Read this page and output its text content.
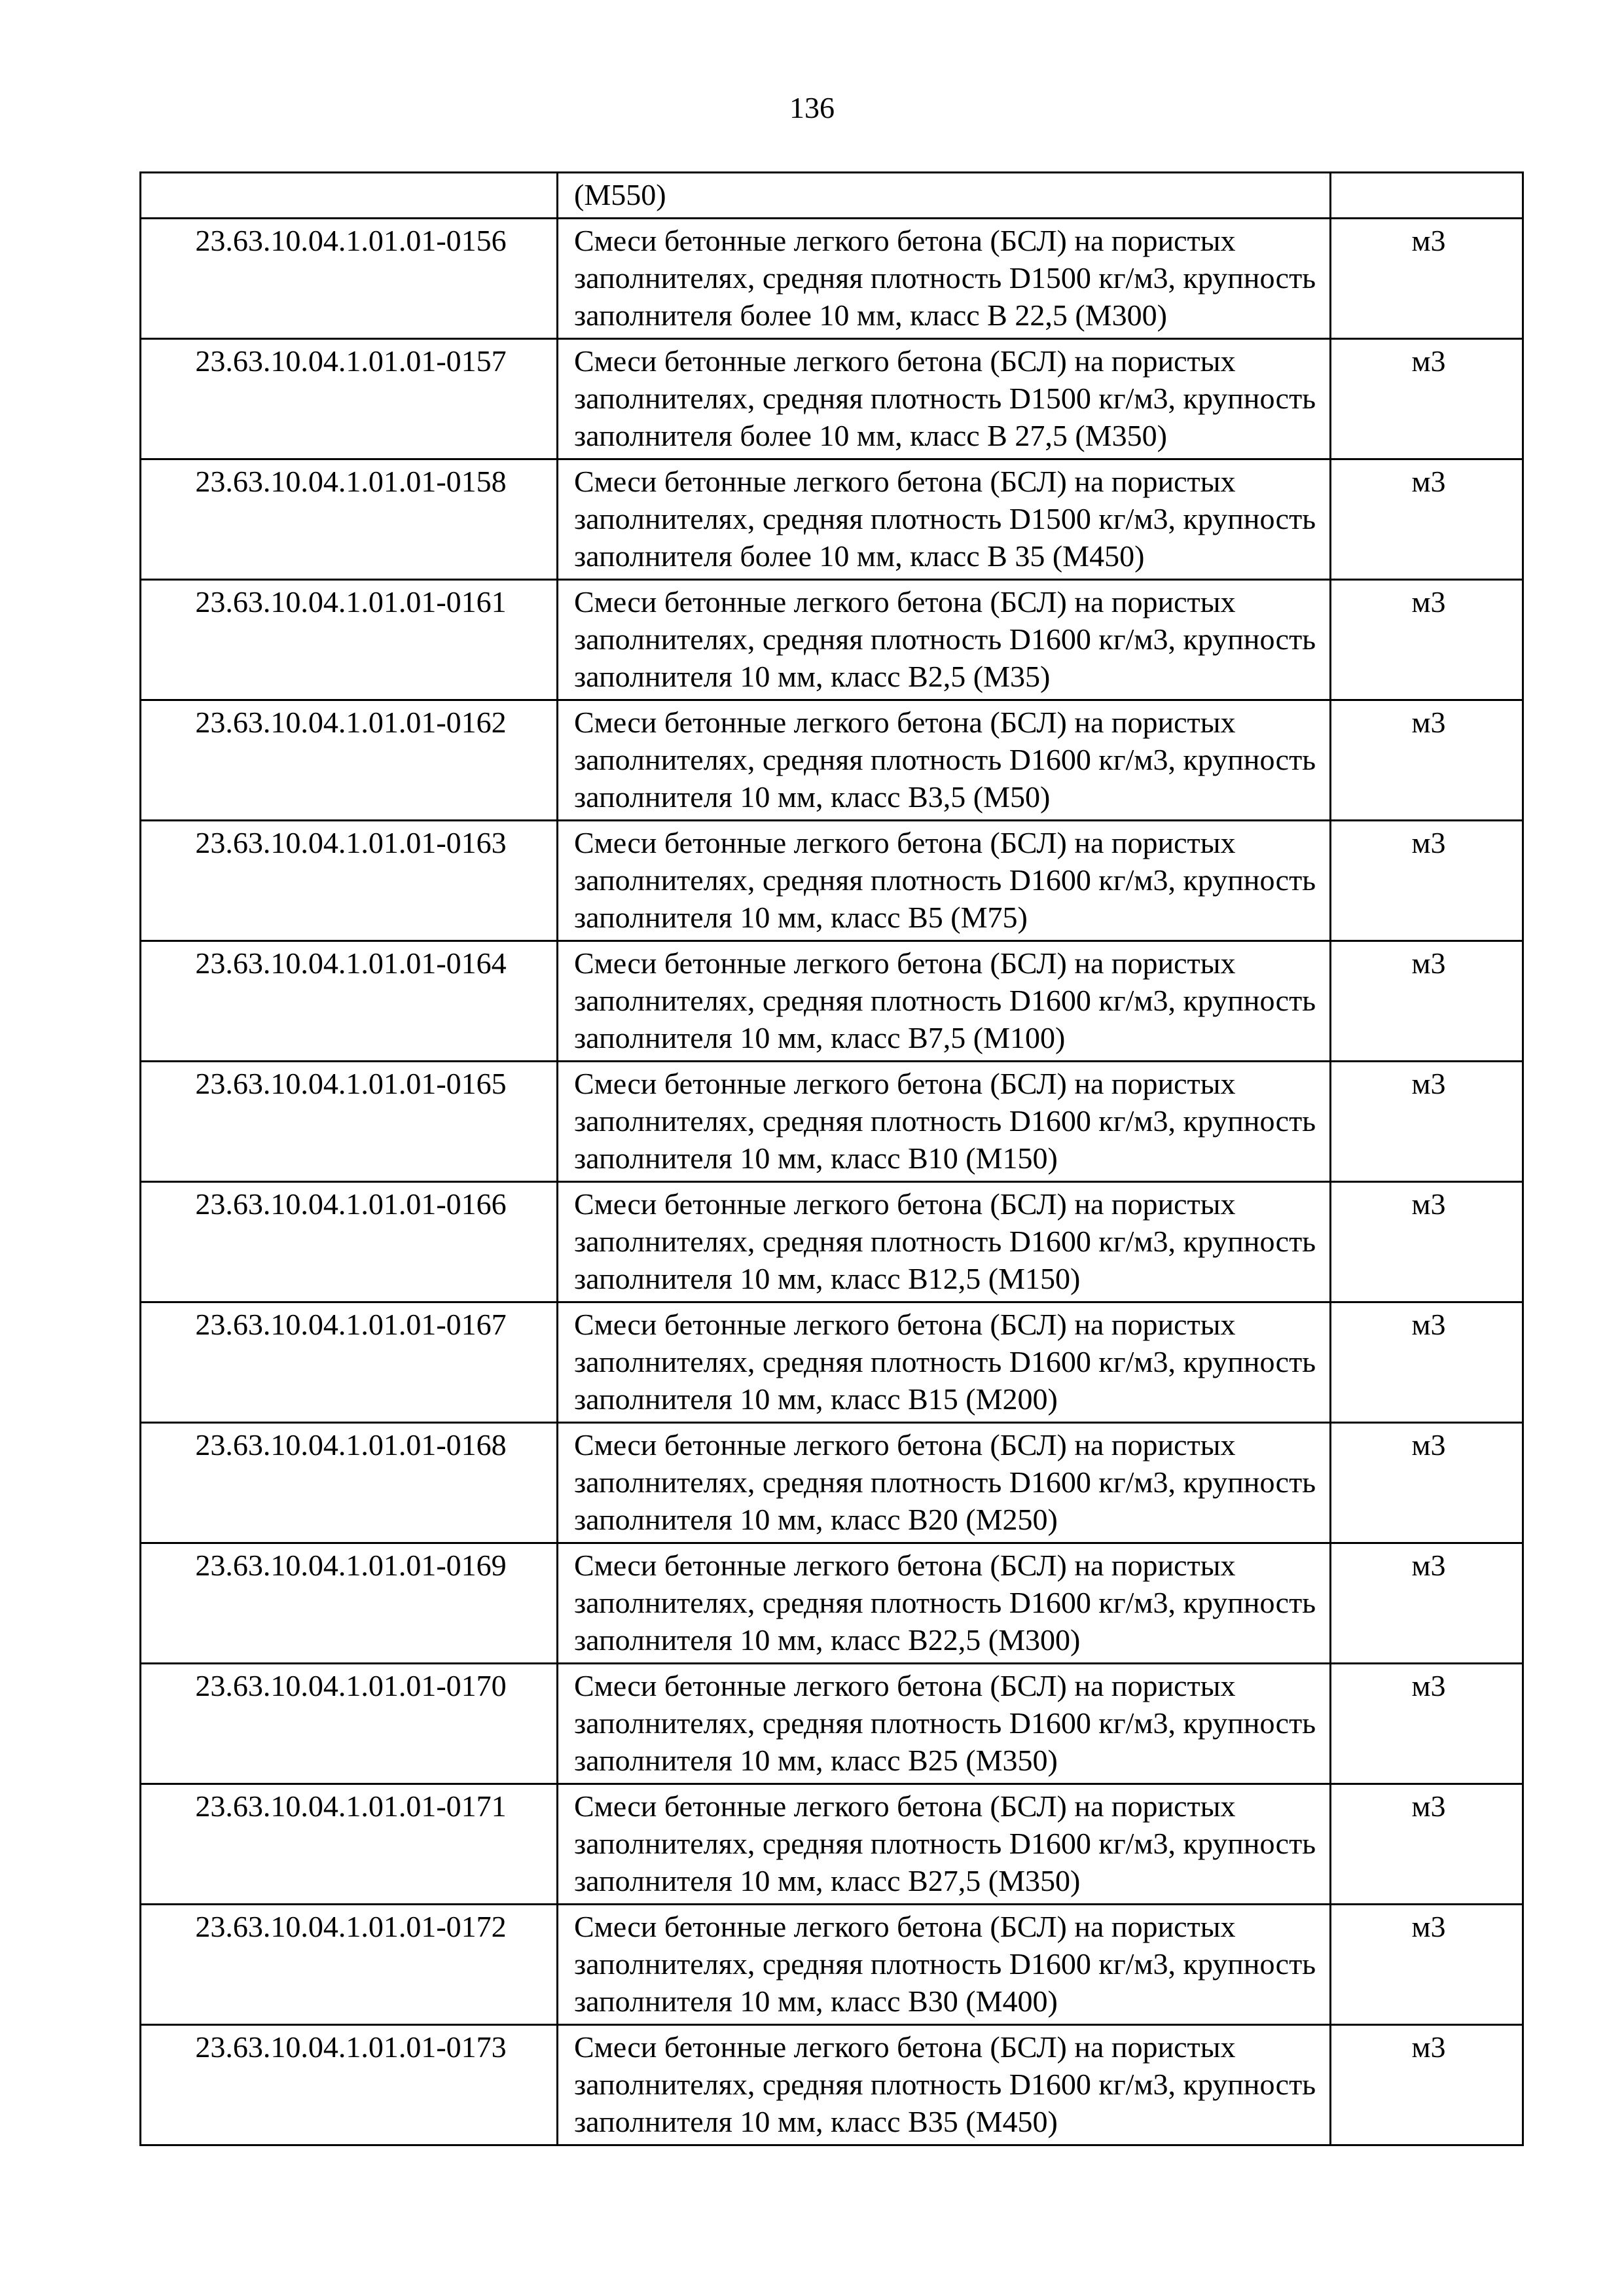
136
	(М550)	
23.63.10.04.1.01.01-0156	Смеси бетонные легкого бетона (БСЛ) на пористых заполнителях, средняя плотность D1500 кг/м3, крупность заполнителя более 10 мм, класс В 22,5 (М300)	м3
23.63.10.04.1.01.01-0157	Смеси бетонные легкого бетона (БСЛ) на пористых заполнителях, средняя плотность D1500 кг/м3, крупность заполнителя более 10 мм, класс В 27,5 (М350)	м3
23.63.10.04.1.01.01-0158	Смеси бетонные легкого бетона (БСЛ) на пористых заполнителях, средняя плотность D1500 кг/м3, крупность заполнителя более 10 мм, класс В 35 (М450)	м3
23.63.10.04.1.01.01-0161	Смеси бетонные легкого бетона (БСЛ) на пористых заполнителях, средняя плотность D1600 кг/м3, крупность заполнителя 10 мм, класс В2,5 (М35)	м3
23.63.10.04.1.01.01-0162	Смеси бетонные легкого бетона (БСЛ) на пористых заполнителях, средняя плотность D1600 кг/м3, крупность заполнителя 10 мм, класс В3,5 (М50)	м3
23.63.10.04.1.01.01-0163	Смеси бетонные легкого бетона (БСЛ) на пористых заполнителях, средняя плотность D1600 кг/м3, крупность заполнителя 10 мм, класс В5 (М75)	м3
23.63.10.04.1.01.01-0164	Смеси бетонные легкого бетона (БСЛ) на пористых заполнителях, средняя плотность D1600 кг/м3, крупность заполнителя 10 мм, класс В7,5 (М100)	м3
23.63.10.04.1.01.01-0165	Смеси бетонные легкого бетона (БСЛ) на пористых заполнителях, средняя плотность D1600 кг/м3, крупность заполнителя 10 мм, класс В10 (М150)	м3
23.63.10.04.1.01.01-0166	Смеси бетонные легкого бетона (БСЛ) на пористых заполнителях, средняя плотность D1600 кг/м3, крупность заполнителя 10 мм, класс В12,5 (М150)	м3
23.63.10.04.1.01.01-0167	Смеси бетонные легкого бетона (БСЛ) на пористых заполнителях, средняя плотность D1600 кг/м3, крупность заполнителя 10 мм, класс В15 (М200)	м3
23.63.10.04.1.01.01-0168	Смеси бетонные легкого бетона (БСЛ) на пористых заполнителях, средняя плотность D1600 кг/м3, крупность заполнителя 10 мм, класс В20 (М250)	м3
23.63.10.04.1.01.01-0169	Смеси бетонные легкого бетона (БСЛ) на пористых заполнителях, средняя плотность D1600 кг/м3, крупность заполнителя 10 мм, класс В22,5 (М300)	м3
23.63.10.04.1.01.01-0170	Смеси бетонные легкого бетона (БСЛ) на пористых заполнителях, средняя плотность D1600 кг/м3, крупность заполнителя 10 мм, класс В25 (М350)	м3
23.63.10.04.1.01.01-0171	Смеси бетонные легкого бетона (БСЛ) на пористых заполнителях, средняя плотность D1600 кг/м3, крупность заполнителя 10 мм, класс В27,5 (М350)	м3
23.63.10.04.1.01.01-0172	Смеси бетонные легкого бетона (БСЛ) на пористых заполнителях, средняя плотность D1600 кг/м3, крупность заполнителя 10 мм, класс В30 (М400)	м3
23.63.10.04.1.01.01-0173	Смеси бетонные легкого бетона (БСЛ) на пористых заполнителях, средняя плотность D1600 кг/м3, крупность заполнителя 10 мм, класс В35 (М450)	м3
